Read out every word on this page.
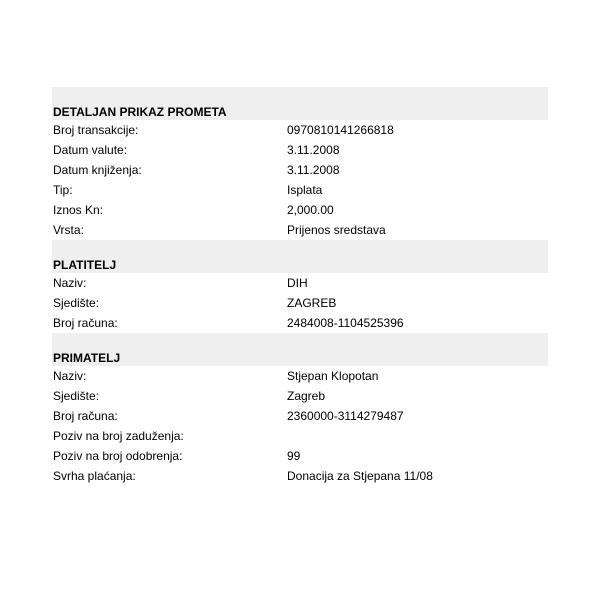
DETALJAN PRIKAZ PROMETA
Broj transakcije:	0970810141266818
Datum valute:	3.11.2008
Datum knjiženja:	3.11.2008
Tip:	Isplata
Iznos Kn:	2,000.00
Vrsta:	Prijenos sredstava
PLATITELJ
Naziv:	DIH
Sjedište:	ZAGREB
Broj računa:	2484008-1104525396
PRIMATELJ
Naziv:	Stjepan Klopotan
Sjedište:	Zagreb
Broj računa:	2360000-3114279487
Poziv na broj zaduženja:
Poziv na broj odobrenja:	99
Svrha plaćanja:	Donacija za Stjepana 11/08
